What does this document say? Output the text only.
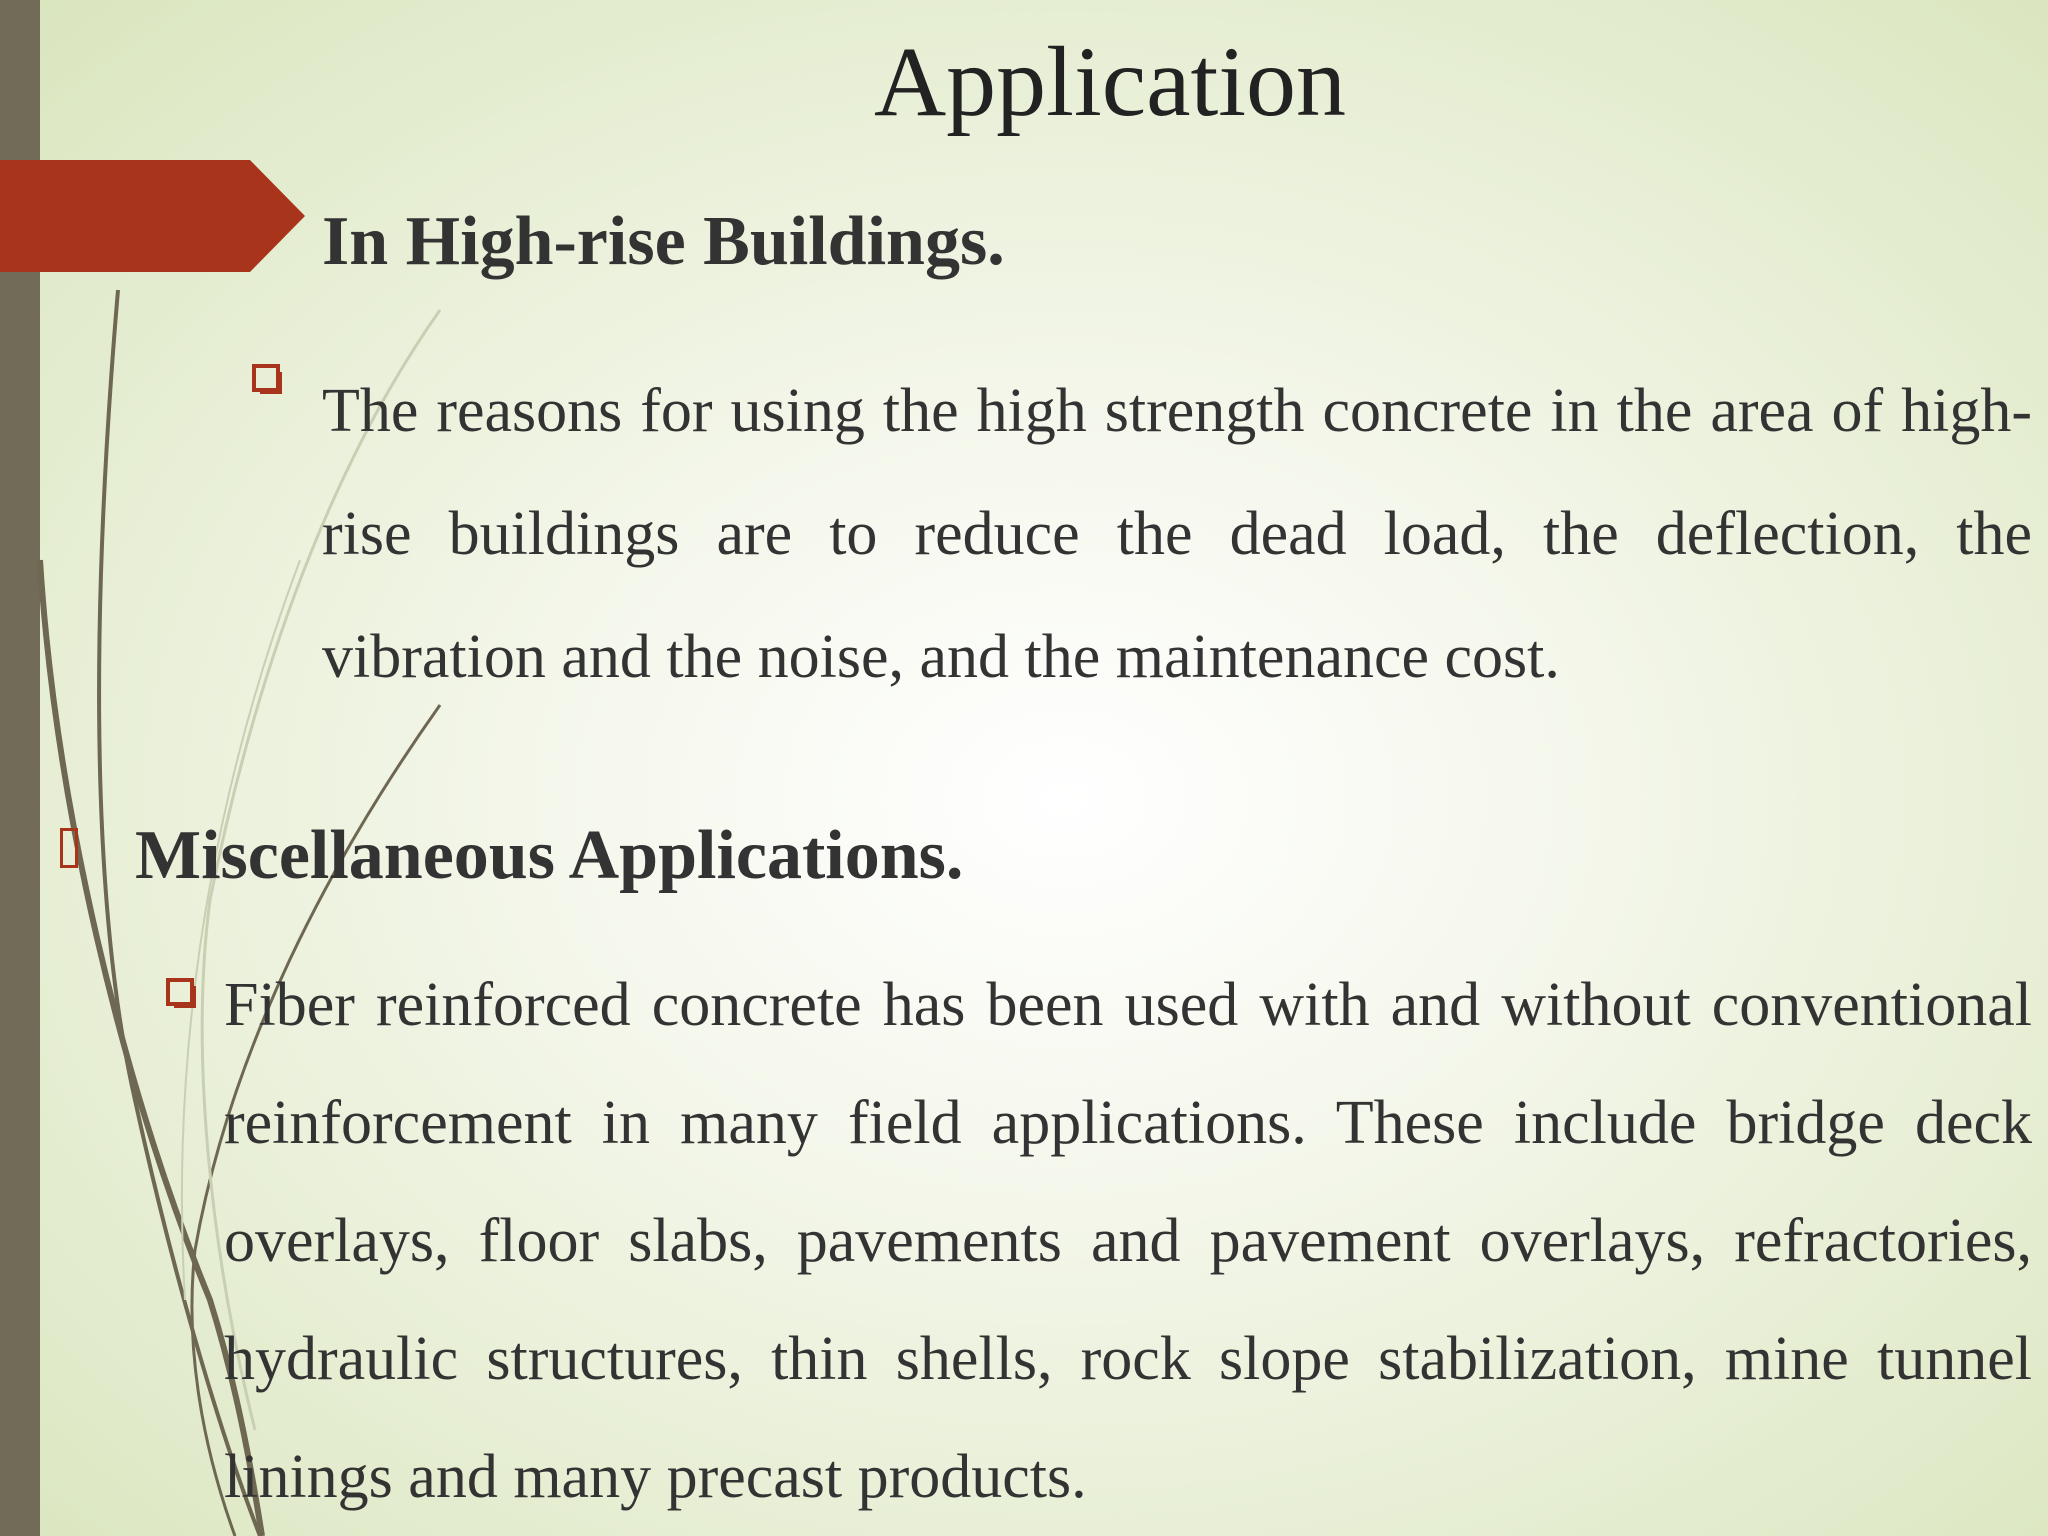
Application
In High-rise Buildings.
The reasons for using the high strength concrete in the area of high-rise buildings are to reduce the dead load, the deflection, the vibration and the noise, and the maintenance cost.
Miscellaneous Applications.
Fiber reinforced concrete has been used with and without conventional reinforcement in many field applications. These include bridge deck overlays, floor slabs, pavements and pavement overlays, refractories, hydraulic structures, thin shells, rock slope stabilization, mine tunnel linings and many precast products.
